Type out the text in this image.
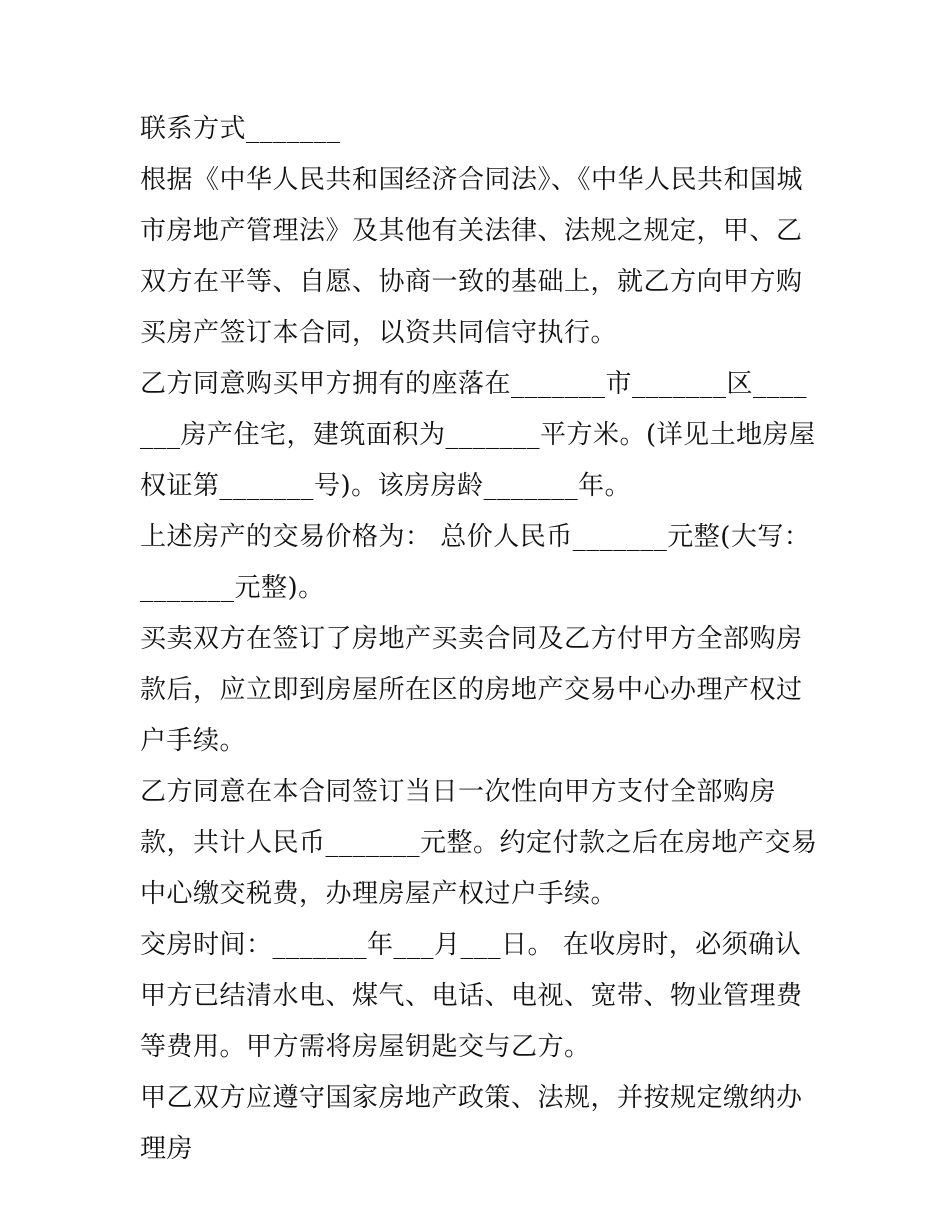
联系方式_______

根据《中华人民共和国经济合同法》、《中华人民共和国城市房地产管理法》及其他有关法律、法规之规定，甲、乙双方在平等、自愿、协商一致的基础上，就乙方向甲方购买房产签订本合同，以资共同信守执行。

乙方同意购买甲方拥有的座落在_______市_______区_______房产住宅，建筑面积为_______平方米。(详见土地房屋权证第_______号)。该房房龄_______年。

上述房产的交易价格为： 总价人民币_______元整(大写：_______元整)。

买卖双方在签订了房地产买卖合同及乙方付甲方全部购房款后，应立即到房屋所在区的房地产交易中心办理产权过户手续。

乙方同意在本合同签订当日一次性向甲方支付全部购房款，共计人民币_______元整。约定付款之后在房地产交易中心缴交税费，办理房屋产权过户手续。

交房时间：_______年___月___日。 在收房时，必须确认甲方已结清水电、煤气、电话、电视、宽带、物业管理费等费用。甲方需将房屋钥匙交与乙方。

甲乙双方应遵守国家房地产政策、法规，并按规定缴纳办理房
